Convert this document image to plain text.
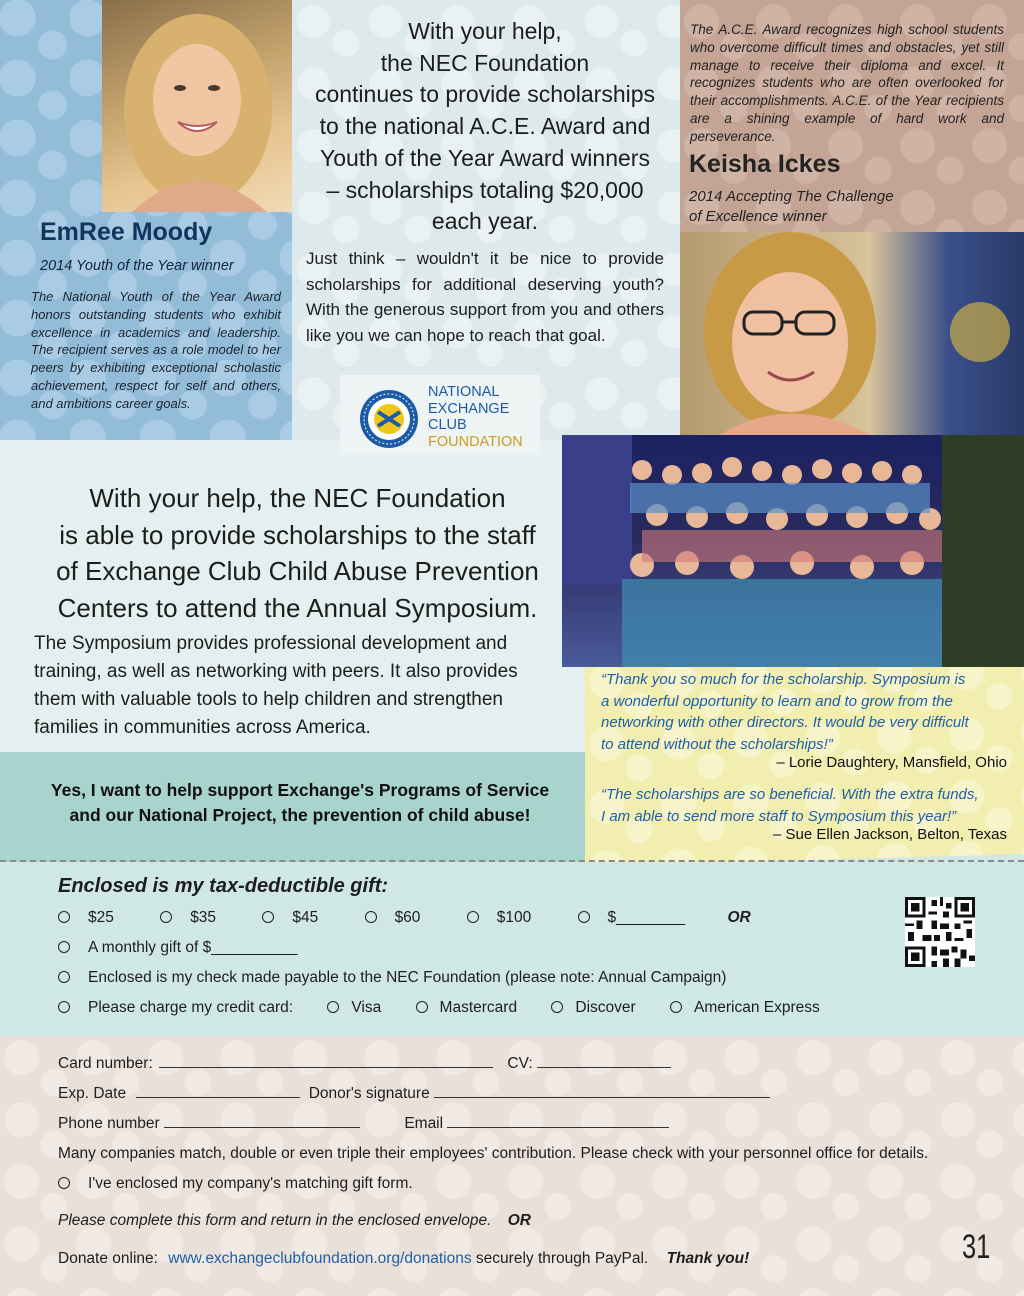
EmRee Moody
2014 Youth of the Year winner
The National Youth of the Year Award honors outstanding students who exhibit excellence in academics and leadership. The recipient serves as a role model to her peers by exhibiting exceptional scholastic achievement, respect for self and others, and ambitions career goals.
With your help,
the NEC Foundation
continues to provide scholarships
to the national A.C.E. Award and
Youth of the Year Award winners
– scholarships totaling $20,000
each year.
Just think – wouldn't it be nice to provide scholarships for additional deserving youth? With the generous support from you and others like you we can hope to reach that goal.
NATIONAL
EXCHANGE
CLUB
FOUNDATION
The A.C.E. Award recognizes high school students who overcome difficult times and obstacles, yet still manage to receive their diploma and excel. It recognizes students who are often overlooked for their accomplishments. A.C.E. of the Year recipients are a shining example of hard work and perseverance.
Keisha Ickes
2014 Accepting The Challenge
of Excellence winner
With your help, the NEC Foundation
is able to provide scholarships to the staff
of Exchange Club Child Abuse Prevention
Centers to attend the Annual Symposium.
The Symposium provides professional development and
training, as well as networking with peers. It also provides
them with valuable tools to help children and strengthen
families in communities across America.
Yes, I want to help support Exchange's Programs of Service
and our National Project, the prevention of child abuse!
“Thank you so much for the scholarship. Symposium is
a wonderful opportunity to learn and to grow from the
networking with other directors. It would be very difficult
to attend without the scholarships!”
– Lorie Daughtery, Mansfield, Ohio
“The scholarships are so beneficial. With the extra funds,
I am able to send more staff to Symposium this year!”
– Sue Ellen Jackson, Belton, Texas
Enclosed is my tax-deductible gift:
$25	$35	$45	$60	$100	$________	OR
A monthly gift of $__________
Enclosed is my check made payable to the NEC Foundation (please note: Annual Campaign)
Please charge my credit card:	Visa	Mastercard	Discover	American Express
Card number:	CV:
Exp. Date	Donor's signature
Phone number	Email
Many companies match, double or even triple their employees' contribution. Please check with your personnel office for details.
I've enclosed my company's matching gift form.
Please complete this form and return in the enclosed envelope. OR
Donate online: www.exchangeclubfoundation.org/donations securely through PayPal. Thank you!	31
